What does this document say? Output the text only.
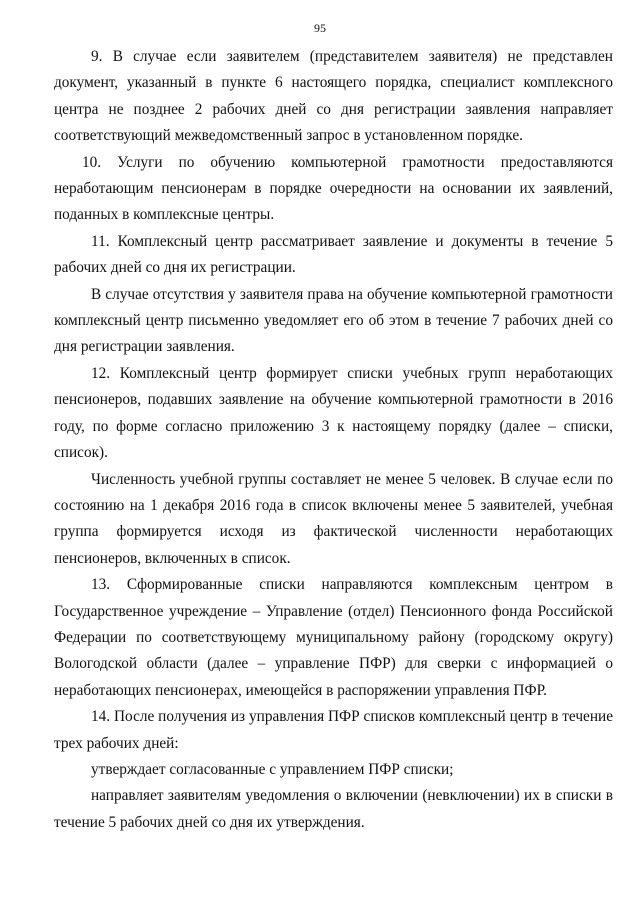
95

9. В случае если заявителем (представителем заявителя) не представлен документ, указанный в пункте 6 настоящего порядка, специалист комплексного центра не позднее 2 рабочих дней со дня регистрации заявления направляет соответствующий межведомственный запрос в установленном порядке.

10. Услуги по обучению компьютерной грамотности предоставляются неработающим пенсионерам в порядке очередности на основании их заявлений, поданных в комплексные центры.

11. Комплексный центр рассматривает заявление и документы в течение 5 рабочих дней со дня их регистрации.

В случае отсутствия у заявителя права на обучение компьютерной грамотности комплексный центр письменно уведомляет его об этом в течение 7 рабочих дней со дня регистрации заявления.

12. Комплексный центр формирует списки учебных групп неработающих пенсионеров, подавших заявление на обучение компьютерной грамотности в 2016 году, по форме согласно приложению 3 к настоящему порядку (далее – списки, список).

Численность учебной группы составляет не менее 5 человек. В случае если по состоянию на 1 декабря 2016 года в список включены менее 5 заявителей, учебная группа формируется исходя из фактической численности неработающих пенсионеров, включенных в список.

13. Сформированные списки направляются комплексным центром в Государственное учреждение – Управление (отдел) Пенсионного фонда Российской Федерации по соответствующему муниципальному району (городскому округу) Вологодской области (далее – управление ПФР) для сверки с информацией о неработающих пенсионерах, имеющейся в распоряжении управления ПФР.

14. После получения из управления ПФР списков комплексный центр в течение трех рабочих дней:

утверждает согласованные с управлением ПФР списки;

направляет заявителям уведомления о включении (невключении) их в списки в течение 5 рабочих дней со дня их утверждения.
